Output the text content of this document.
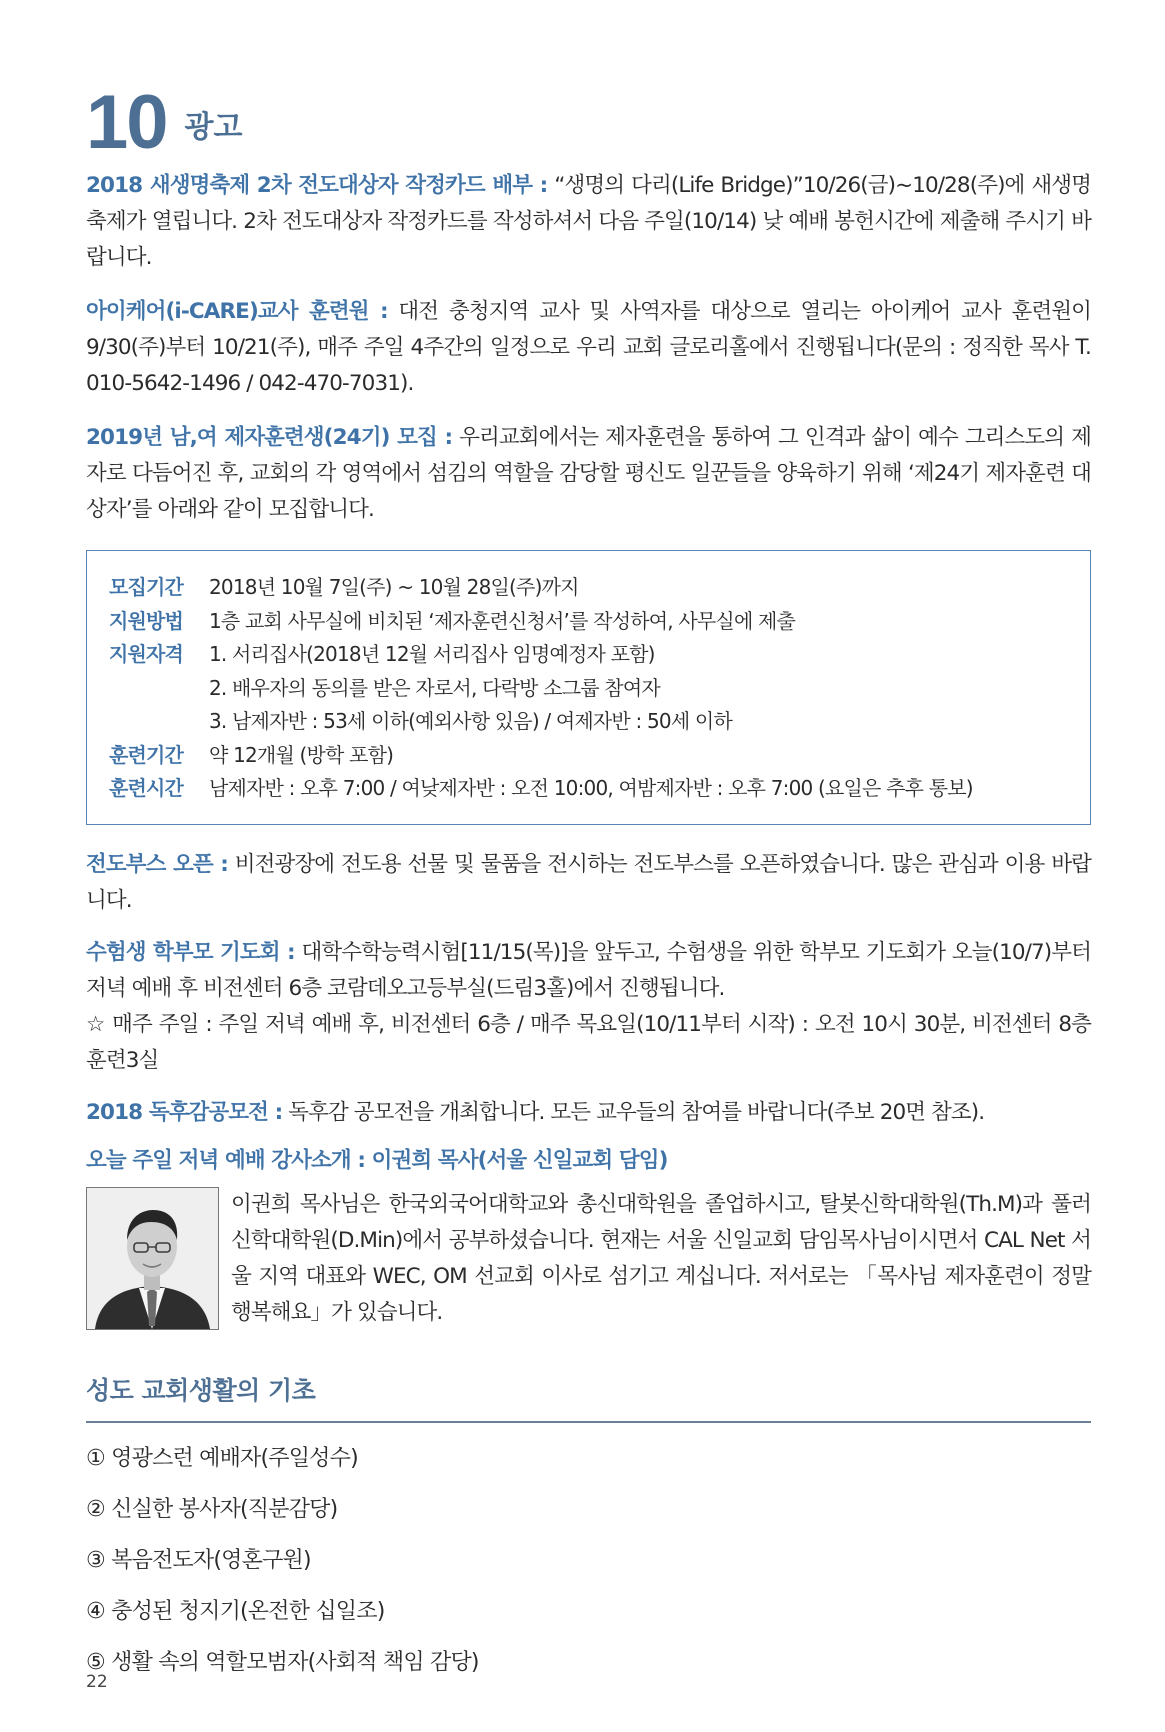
10 광고

2018 새생명축제 2차 전도대상자 작정카드 배부 : “생명의 다리(Life Bridge)”10/26(금)~10/28(주)에 새생명 축제가 열립니다. 2차 전도대상자 작정카드를 작성하셔서 다음 주일(10/14) 낮 예배 봉헌시간에 제출해 주시기 바랍니다.

아이케어(i-CARE)교사 훈련원 : 대전 충청지역 교사 및 사역자를 대상으로 열리는 아이케어 교사 훈련원이 9/30(주)부터 10/21(주), 매주 주일 4주간의 일정으로 우리 교회 글로리홀에서 진행됩니다(문의 : 정직한 목사 T. 010-5642-1496 / 042-470-7031).

2019년 남,여 제자훈련생(24기) 모집 : 우리교회에서는 제자훈련을 통하여 그 인격과 삶이 예수 그리스도의 제자로 다듬어진 후, 교회의 각 영역에서 섬김의 역할을 감당할 평신도 일꾼들을 양육하기 위해 ‘제24기 제자훈련 대상자’를 아래와 같이 모집합니다.

모집기간	2018년 10월 7일(주) ~ 10월 28일(주)까지
지원방법	1층 교회 사무실에 비치된 ‘제자훈련신청서’를 작성하여, 사무실에 제출
지원자격	1. 서리집사(2018년 12월 서리집사 임명예정자 포함)
2. 배우자의 동의를 받은 자로서, 다락방 소그룹 참여자
3. 남제자반 : 53세 이하(예외사항 있음) / 여제자반 : 50세 이하
훈련기간	약 12개월 (방학 포함)
훈련시간	남제자반 : 오후 7:00 / 여낮제자반 : 오전 10:00, 여밤제자반 : 오후 7:00 (요일은 추후 통보)

전도부스 오픈 : 비전광장에 전도용 선물 및 물품을 전시하는 전도부스를 오픈하였습니다. 많은 관심과 이용 바랍니다.

수험생 학부모 기도회 : 대학수학능력시험[11/15(목)]을 앞두고, 수험생을 위한 학부모 기도회가 오늘(10/7)부터 저녁 예배 후 비전센터 6층 코람데오고등부실(드림3홀)에서 진행됩니다.

☆ 매주 주일 : 주일 저녁 예배 후, 비전센터 6층 / 매주 목요일(10/11부터 시작) : 오전 10시 30분, 비전센터 8층 훈련3실

2018 독후감공모전 : 독후감 공모전을 개최합니다. 모든 교우들의 참여를 바랍니다(주보 20면 참조).

오늘 주일 저녁 예배 강사소개 : 이권희 목사(서울 신일교회 담임)

이권희 목사님은 한국외국어대학교와 총신대학원을 졸업하시고, 탈봇신학대학원(Th.M)과 풀러신학대학원(D.Min)에서 공부하셨습니다. 현재는 서울 신일교회 담임목사님이시면서 CAL Net 서울 지역 대표와 WEC, OM 선교회 이사로 섬기고 계십니다. 저서로는 「목사님 제자훈련이 정말 행복해요」가 있습니다.

성도 교회생활의 기초
① 영광스런 예배자(주일성수)
② 신실한 봉사자(직분감당)
③ 복음전도자(영혼구원)
④ 충성된 청지기(온전한 십일조)
⑤ 생활 속의 역할모범자(사회적 책임 감당)
22
